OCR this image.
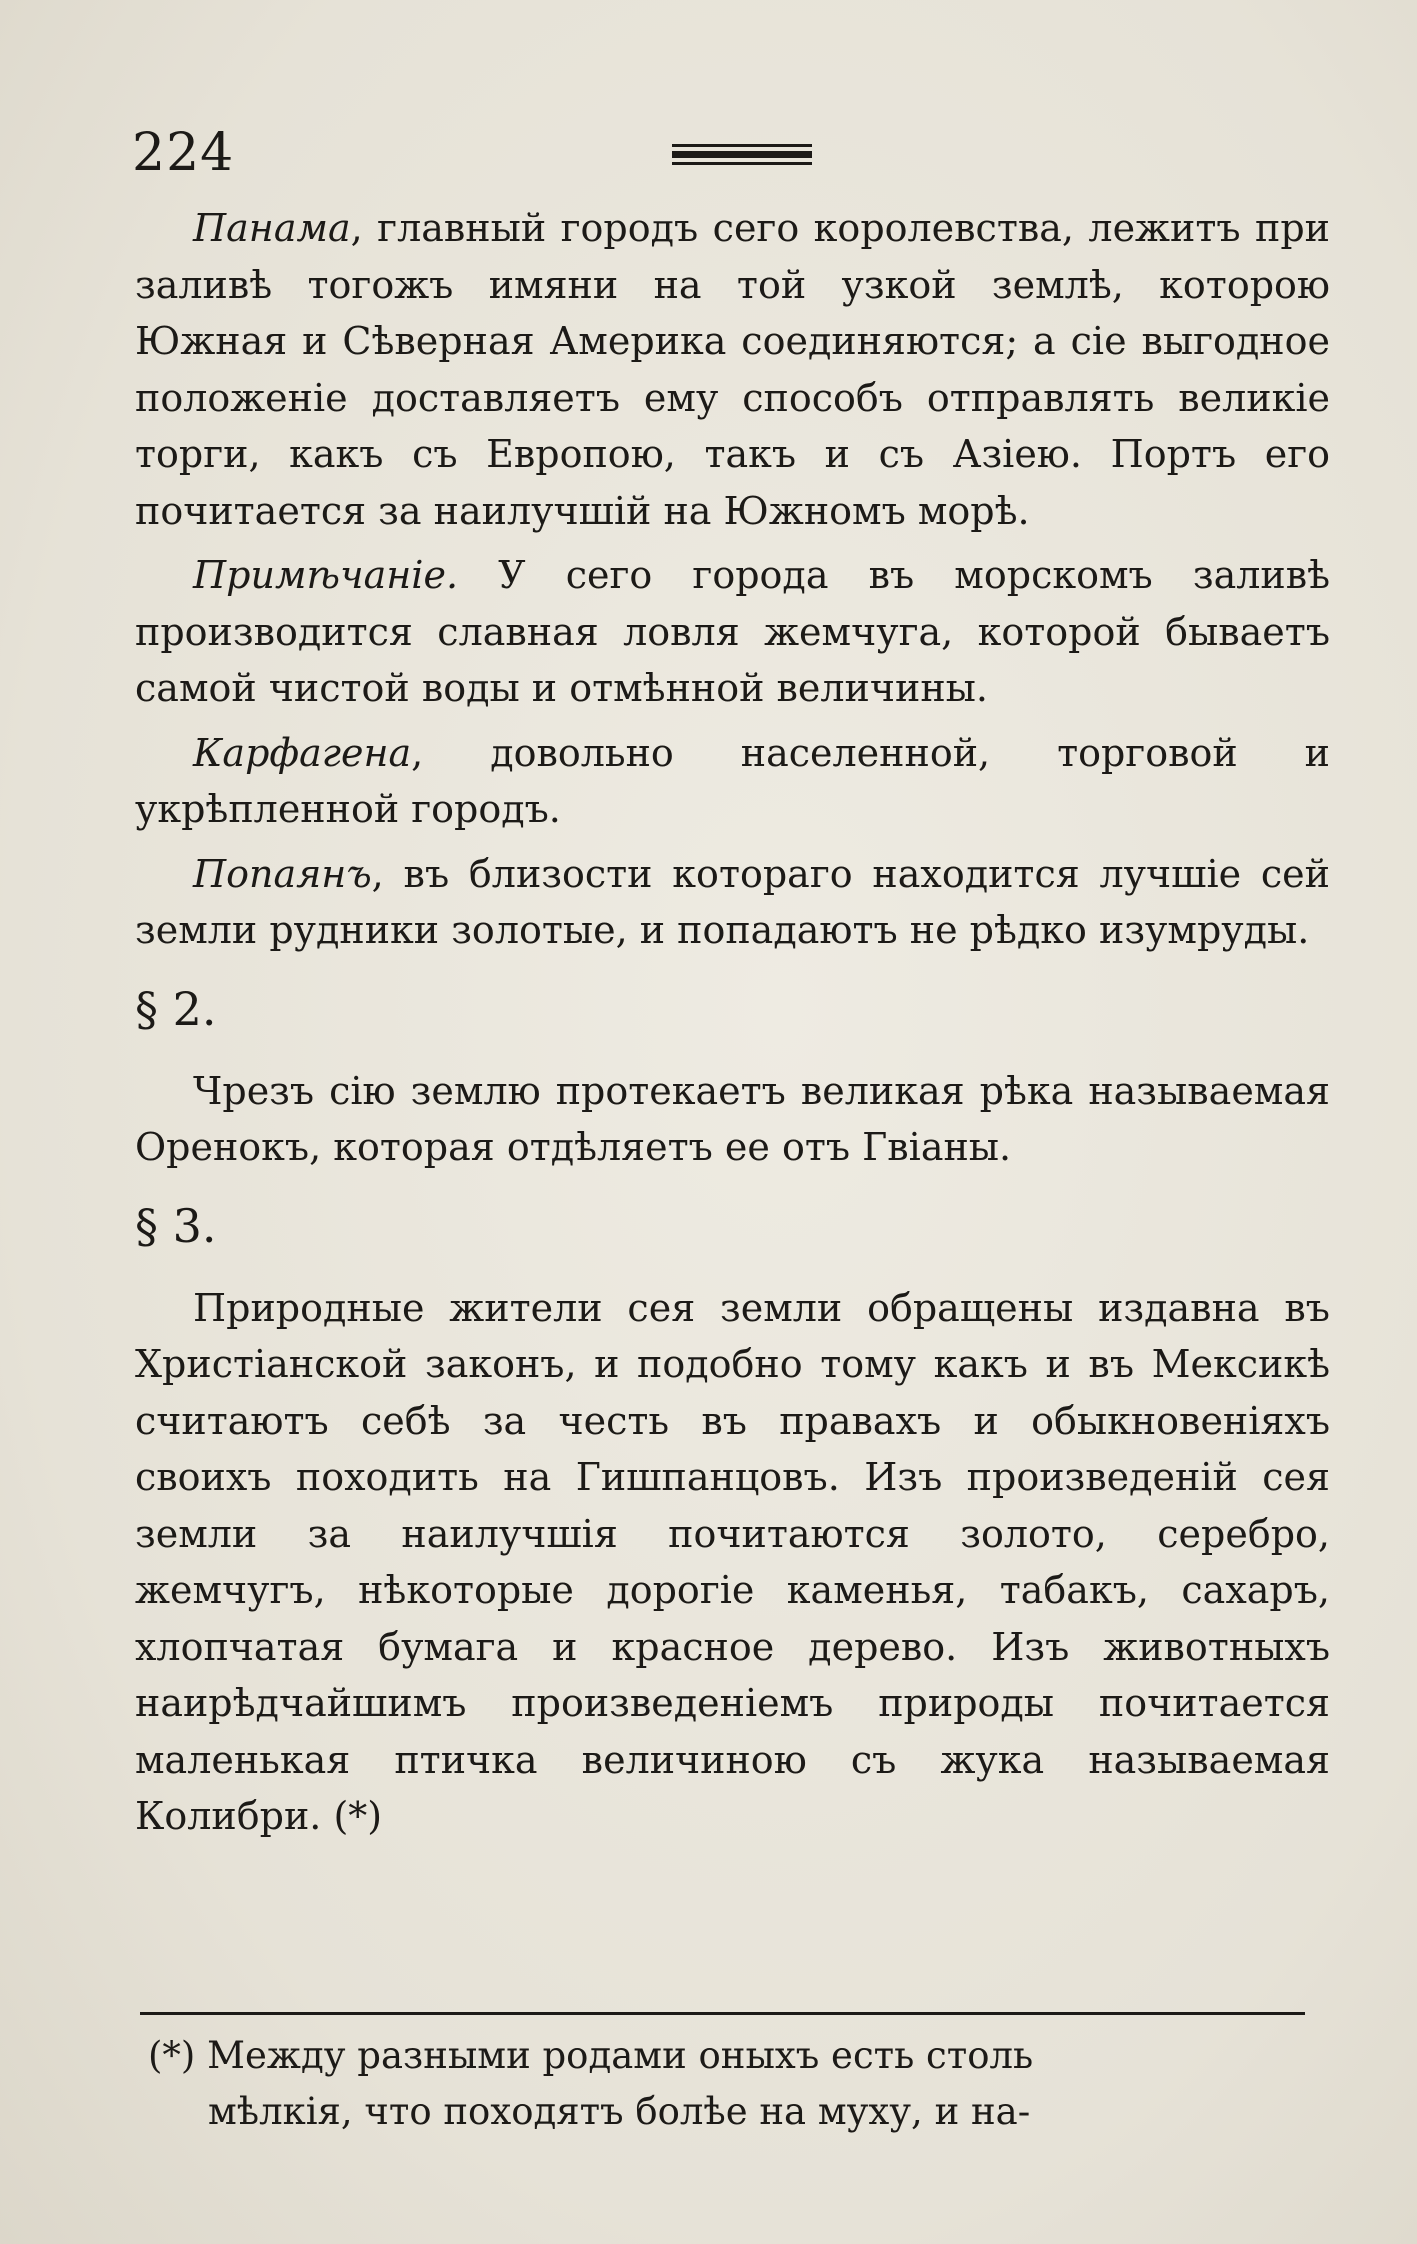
224

Панама, главный городъ сего королевства, лежитъ при заливѣ тогожъ имяни на той узкой землѣ, которою Южная и Сѣверная Америка соединяются; а сіе выгодное положеніе доставляетъ ему способъ отправлять великіе торги, какъ съ Европою, такъ и съ Азіею. Портъ его почитается за наилучшій на Южномъ морѣ.

Примѣчаніе. У сего города въ морскомъ заливѣ производится славная ловля жемчуга, которой бываетъ самой чистой воды и отмѣнной величины.

Карфагена, довольно населенной, торговой и укрѣпленной городъ.

Попаянъ, въ близости котораго находится лучшіе сей земли рудники золотые, и попадаютъ не рѣдко изумруды.

§ 2.

Чрезъ сію землю протекаетъ великая рѣка называемая Оренокъ, которая отдѣляетъ ее отъ Гвіаны.

§ 3.

Природные жители сея земли обращены издавна въ Христіанской законъ, и подобно тому какъ и въ Мексикѣ считаютъ себѣ за честь въ правахъ и обыкновеніяхъ своихъ походить на Гишпанцовъ. Изъ произведеній сея земли за наилучшія почитаются золото, серебро, жемчугъ, нѣкоторые дорогіе каменья, табакъ, сахаръ, хлопчатая бумага и красное дерево. Изъ животныхъ наирѣдчайшимъ произведеніемъ природы почитается маленькая птичка величиною съ жука называемая Колибри. (*)

(*) Между разными родами оныхъ есть столь
мѣлкія, что походятъ болѣе на муху, и на-
